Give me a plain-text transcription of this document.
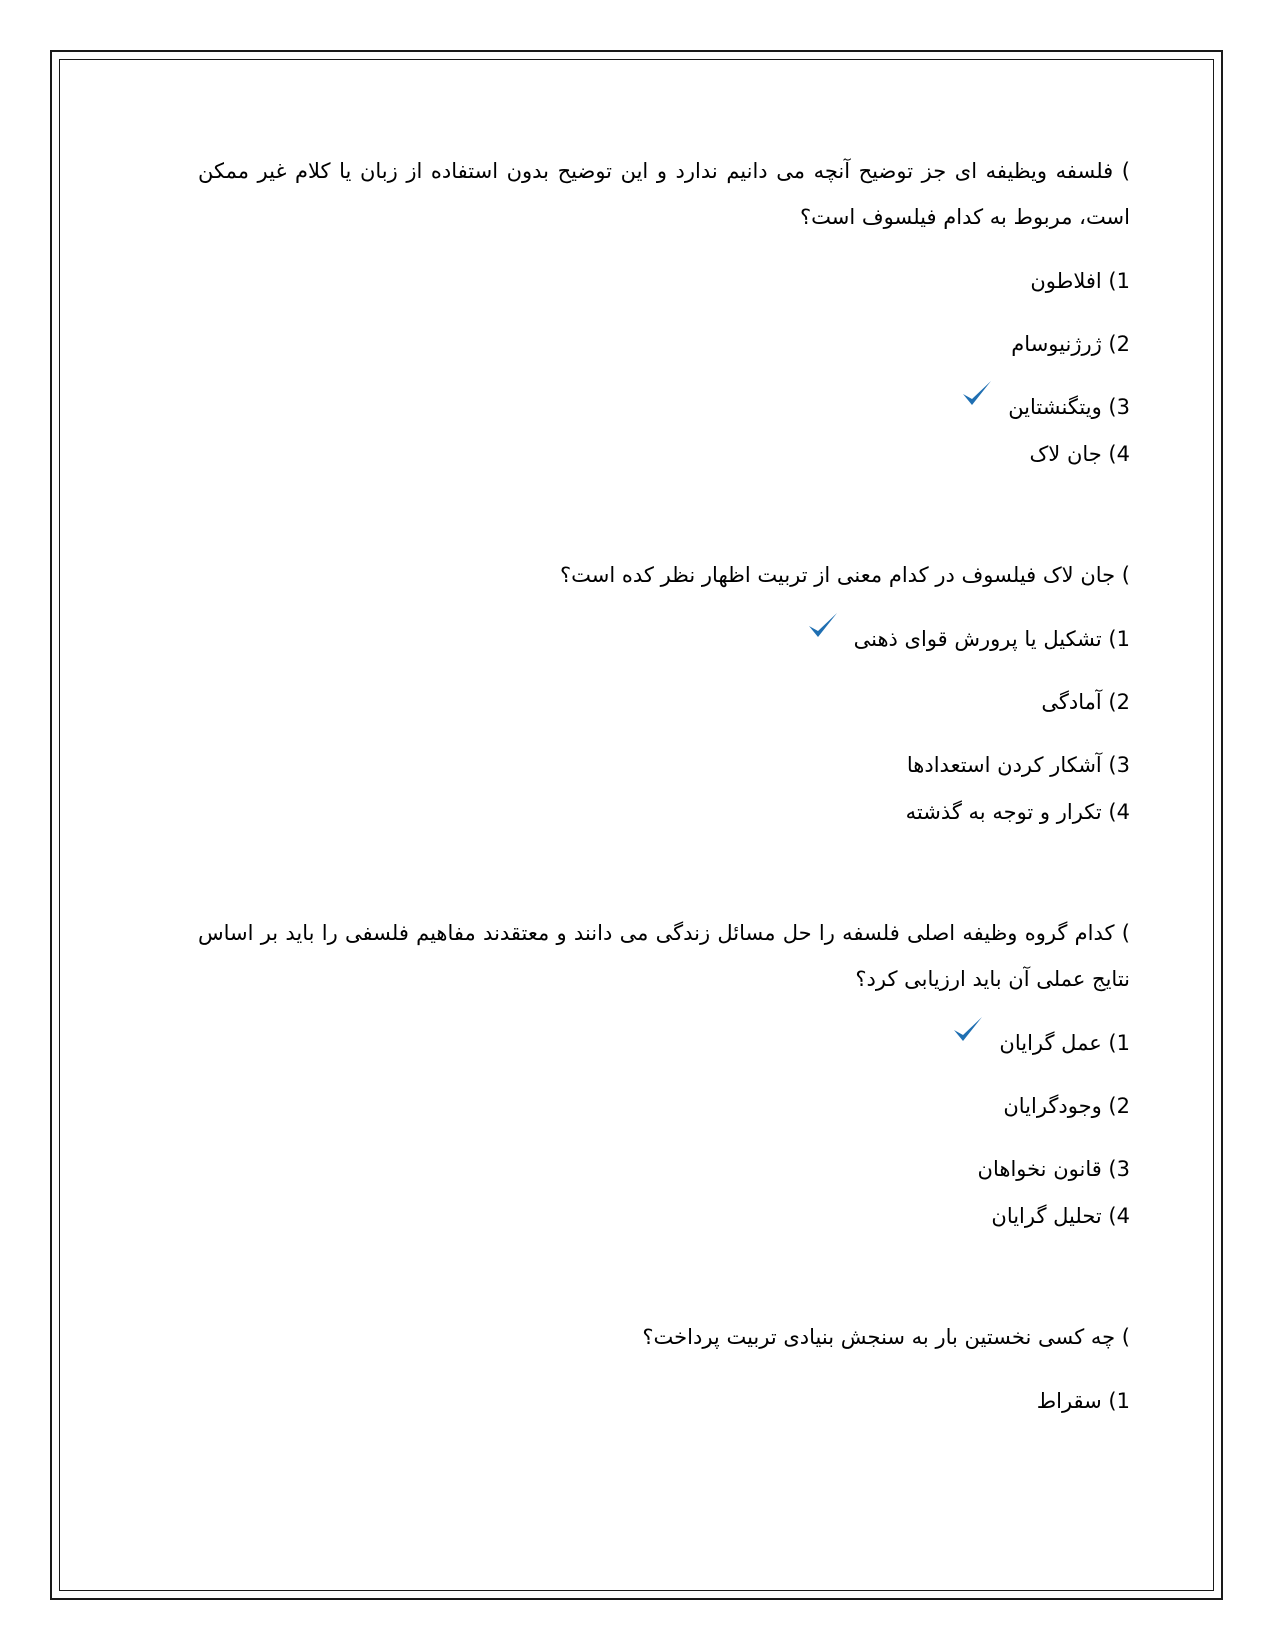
) فلسفه ویظیفه ای جز توضیح آنچه می دانیم ندارد و این توضیح بدون استفاده از زبان یا کلام غیر ممکن است، مربوط به کدام فیلسوف است؟

1) افلاطون
2) ژرژنیوسام
3) ویتگنشتاین
4) جان لاک

) جان لاک فیلسوف در کدام معنی از تربیت اظهار نظر کده است؟

1) تشکیل یا پرورش قوای ذهنی
2) آمادگی
3) آشکار کردن استعدادها
4) تکرار و توجه به گذشته

) کدام گروه وظیفه اصلی فلسفه را حل مسائل زندگی می دانند و معتقدند مفاهیم فلسفی را باید بر اساس نتایج عملی آن باید ارزیابی کرد؟

1) عمل گرایان
2) وجودگرایان
3) قانون نخواهان
4) تحلیل گرایان

) چه کسی نخستین بار به سنجش بنیادی تربیت پرداخت؟

1) سقراط
